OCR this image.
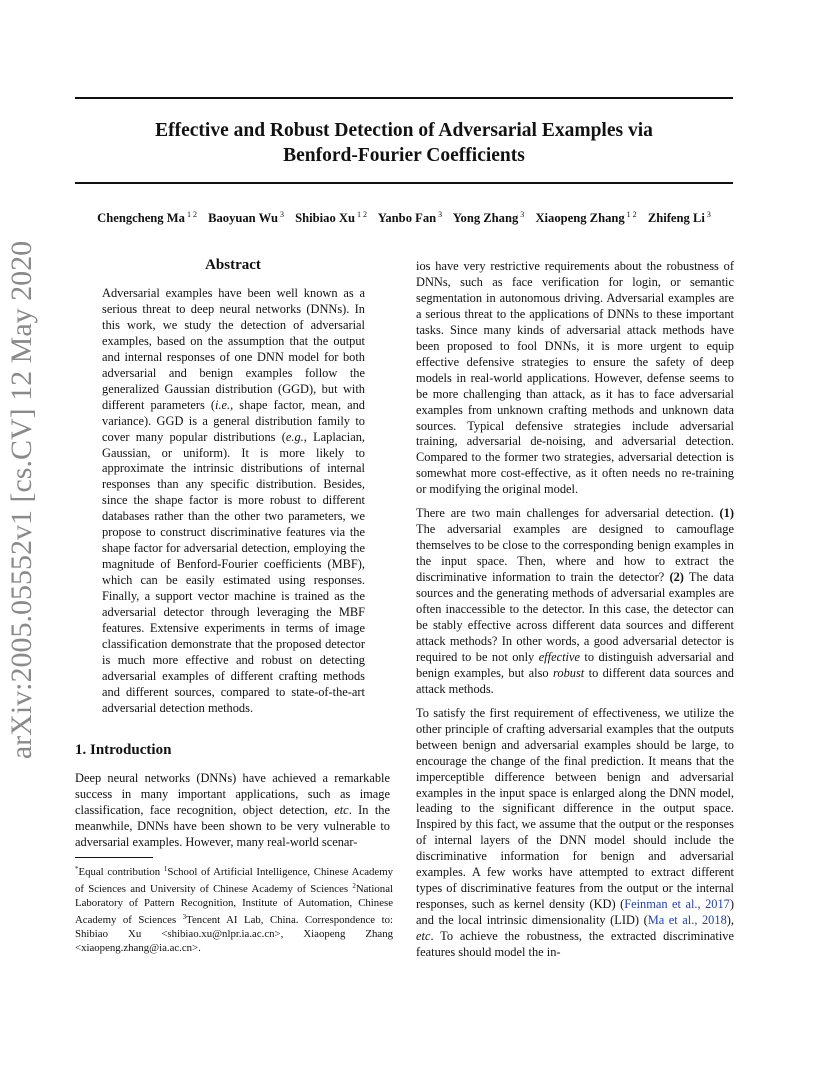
Effective and Robust Detection of Adversarial Examples via
Benford-Fourier Coefficients
Chengcheng Ma $^{1 2}$ Baoyuan Wu $^3$ Shibiao Xu $^{1 2}$ Yanbo Fan $^3$ Yong Zhang $^3$ Xiaopeng Zhang $^{1 2}$ Zhifeng Li $^3$
arXiv:2005.05552v1 [cs.CV] 12 May 2020	Abstract
Adversarial examples have been well known as a serious threat to deep neural networks (DNNs). In this work, we study the detection of adversarial examples, based on the assumption that the output and internal responses of one DNN model for both adversarial and benign examples follow the generalized Gaussian distribution (GGD), but with different parameters (i.e., shape factor, mean, and variance). GGD is a general distribution family to cover many popular distributions (e.g., Laplacian, Gaussian, or uniform). It is more likely to approximate the intrinsic distributions of internal responses than any specific distribution. Besides, since the shape factor is more robust to different databases rather than the other two parameters, we propose to construct discriminative features via the shape factor for adversarial detection, employing the magnitude of Benford-Fourier coefficients (MBF), which can be easily estimated using responses. Finally, a support vector machine is trained as the adversarial detector through leveraging the MBF features. Extensive experiments in terms of image classification demonstrate that the proposed detector is much more effective and robust on detecting adversarial examples of different crafting methods and different sources, compared to state-of-the-art adversarial detection methods.
1. Introduction
Deep neural networks (DNNs) have achieved a remarkable success in many important applications, such as image classification, face recognition, object detection, etc. In the meanwhile, DNNs have been shown to be very vulnerable to adversarial examples. However, many real-world scenar-
*Equal contribution $^1$School of Artificial Intelligence, Chinese Academy of Sciences and University of Chinese Academy of Sciences $^2$National Laboratory of Pattern Recognition, Institute of Automation, Chinese Academy of Sciences $^3$Tencent AI Lab, China. Correspondence to: Shibiao Xu <shibiao.xu@nlpr.ia.ac.cn>, Xiaopeng Zhang <xiaopeng.zhang@ia.ac.cn>.

ios have very restrictive requirements about the robustness of DNNs, such as face verification for login, or semantic segmentation in autonomous driving. Adversarial examples are a serious threat to the applications of DNNs to these important tasks. Since many kinds of adversarial attack methods have been proposed to fool DNNs, it is more urgent to equip effective defensive strategies to ensure the safety of deep models in real-world applications. However, defense seems to be more challenging than attack, as it has to face adversarial examples from unknown crafting methods and unknown data sources. Typical defensive strategies include adversarial training, adversarial de-noising, and adversarial detection. Compared to the former two strategies, adversarial detection is somewhat more cost-effective, as it often needs no re-training or modifying the original model.

There are two main challenges for adversarial detection. (1) The adversarial examples are designed to camouflage themselves to be close to the corresponding benign examples in the input space. Then, where and how to extract the discriminative information to train the detector? (2) The data sources and the generating methods of adversarial examples are often inaccessible to the detector. In this case, the detector can be stably effective across different data sources and different attack methods? In other words, a good adversarial detector is required to be not only effective to distinguish adversarial and benign examples, but also robust to different data sources and attack methods.

To satisfy the first requirement of effectiveness, we utilize the other principle of crafting adversarial examples that the outputs between benign and adversarial examples should be large, to encourage the change of the final prediction. It means that the imperceptible difference between benign and adversarial examples in the input space is enlarged along the DNN model, leading to the significant difference in the output space. Inspired by this fact, we assume that the output or the responses of internal layers of the DNN model should include the discriminative information for benign and adversarial examples. A few works have attempted to extract different types of discriminative features from the output or the internal responses, such as kernel density (KD) (Feinman et al., 2017) and the local intrinsic dimensionality (LID) (Ma et al., 2018), etc. To achieve the robustness, the extracted discriminative features should model the in-
